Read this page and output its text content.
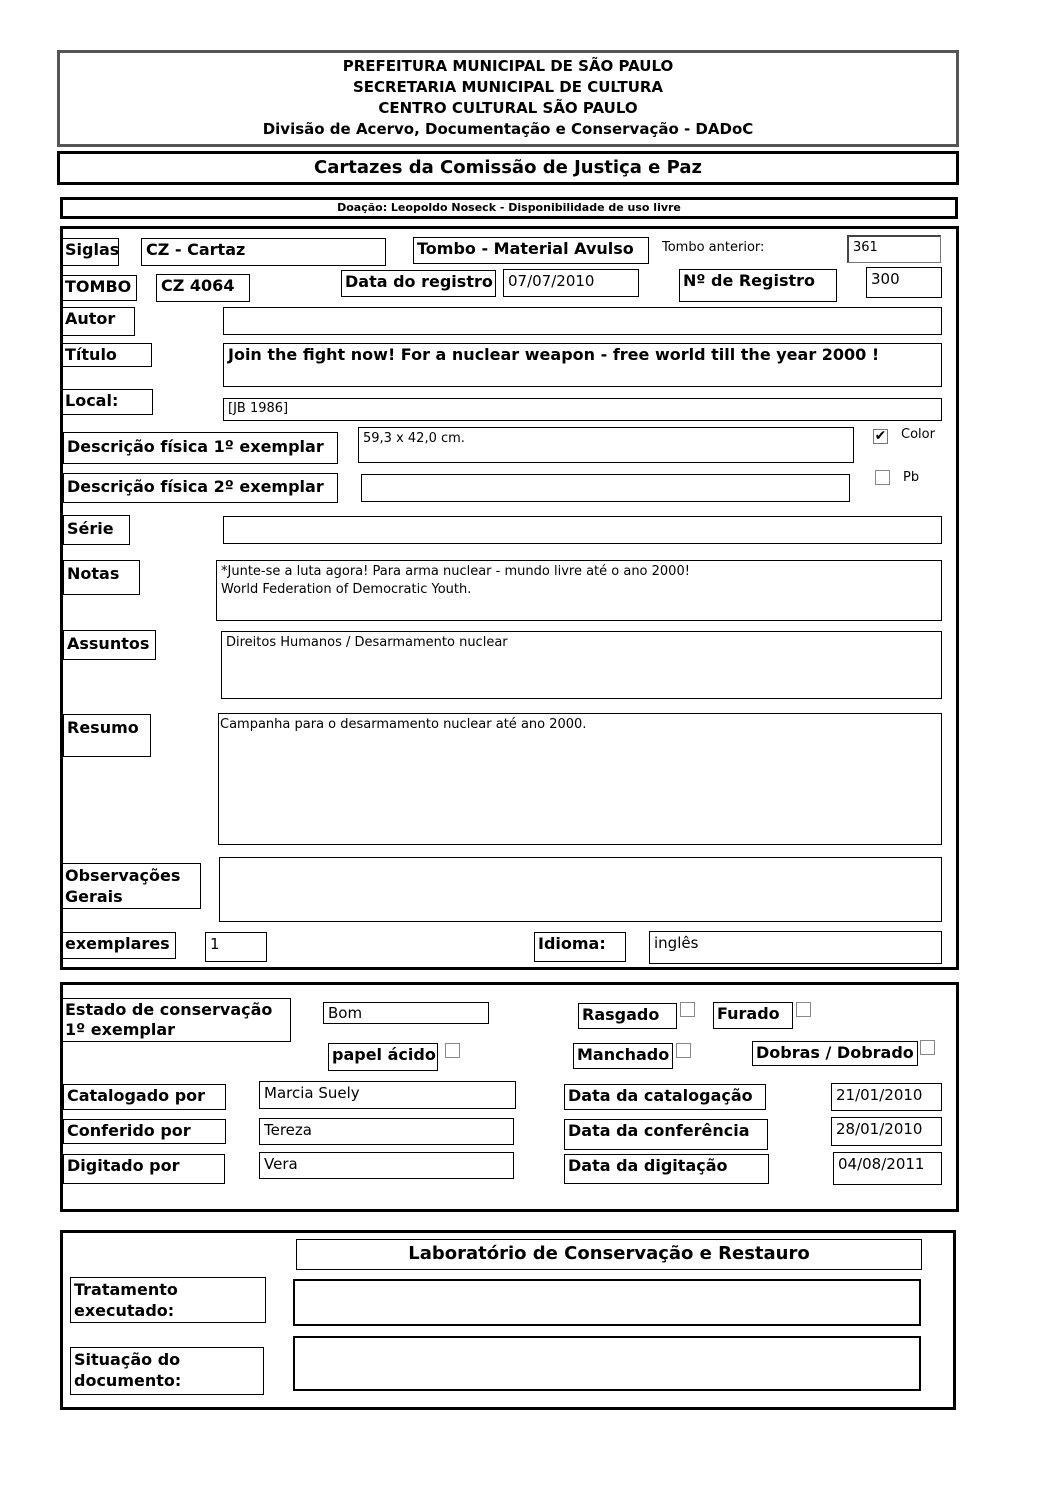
PREFEITURA MUNICIPAL DE SÃO PAULO
SECRETARIA MUNICIPAL DE CULTURA
CENTRO CULTURAL SÃO PAULO
Divisão de Acervo, Documentação e Conservação - DADoC
Cartazes da Comissão de Justiça e Paz
Doação: Leopoldo Noseck - Disponibilidade de uso livre
Siglas	CZ - Cartaz	Tombo - Material Avulso	Tombo anterior:	361
TOMBO	CZ 4064	Data do registro	07/07/2010	Nº de Registro	300
Autor
Título	Join the fight now! For a nuclear weapon - free world till the year 2000 !
Local:	[JB 1986]
Descrição física 1º exemplar	59,3 x 42,0 cm.	✔ Color
Descrição física 2º exemplar	Pb
Série
Notas	*Junte-se a luta agora! Para arma nuclear - mundo livre até o ano 2000!
World Federation of Democratic Youth.
Assuntos	Direitos Humanos / Desarmamento nuclear
Resumo	Campanha para o desarmamento nuclear até ano 2000.
Observações
Gerais
exemplares	1	Idioma:	inglês
Estado de conservação
1º exemplar
Bom	Rasgado	Furado
papel ácido	Manchado	Dobras / Dobrado
Catalogado por	Marcia Suely	Data da catalogação	21/01/2010
Conferido por	Tereza	Data da conferência	28/01/2010
Digitado por	Vera	Data da digitação	04/08/2011
Laboratório de Conservação e Restauro
Tratamento
executado:
Situação do
documento:
